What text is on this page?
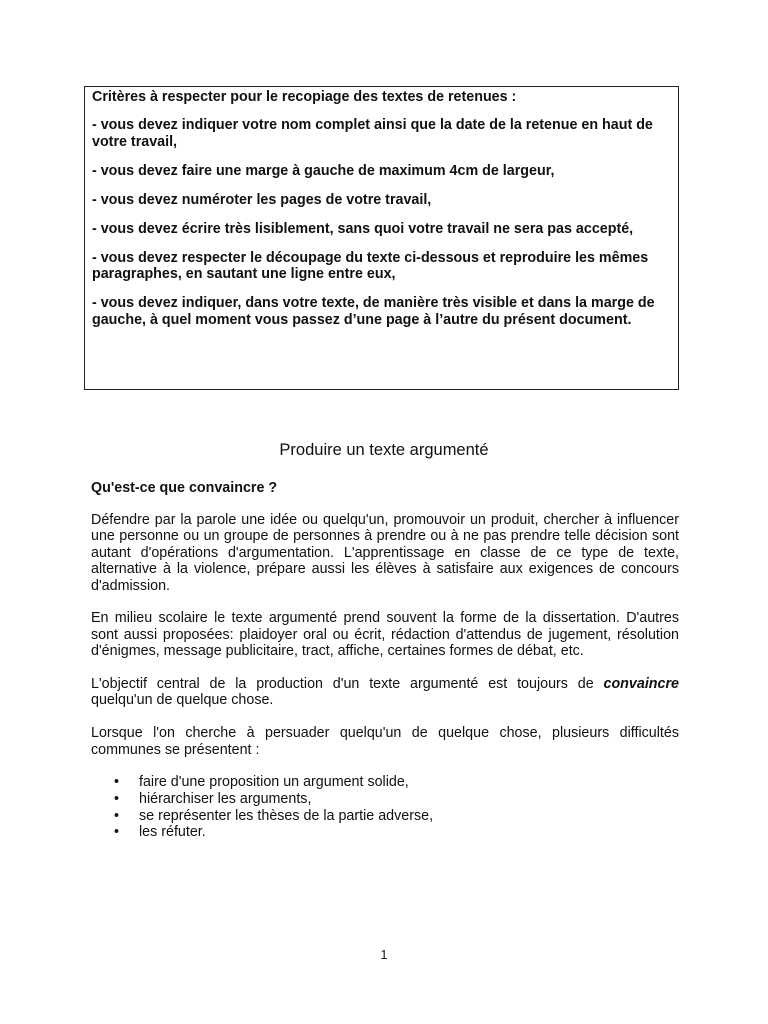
Critères à respecter pour le recopiage des textes de retenues :

- vous devez indiquer votre nom complet ainsi que la date de la retenue en haut de votre travail,

- vous devez faire une marge à gauche de maximum 4cm de largeur,

- vous devez numéroter les pages de votre travail,

- vous devez écrire très lisiblement, sans quoi votre travail ne sera pas accepté,

- vous devez respecter le découpage du texte ci-dessous et reproduire les mêmes paragraphes, en sautant une ligne entre eux,

- vous devez indiquer, dans votre texte, de manière très visible et dans la marge de gauche, à quel moment vous passez d’une page à l’autre du présent document.

Produire un texte argumenté
Qu'est-ce que convaincre ?

Défendre par la parole une idée ou quelqu'un, promouvoir un produit, chercher à influencer une personne ou un groupe de personnes à prendre ou à ne pas prendre telle décision sont autant d'opérations d'argumentation. L'apprentissage en classe de ce type de texte, alternative à la violence, prépare aussi les élèves à satisfaire aux exigences de concours d'admission.

En milieu scolaire le texte argumenté prend souvent la forme de la dissertation. D'autres sont aussi proposées: plaidoyer oral ou écrit, rédaction d'attendus de jugement, résolution d'énigmes, message publicitaire, tract, affiche, certaines formes de débat, etc.

L'objectif central de la production d'un texte argumenté est toujours de convaincre quelqu'un de quelque chose.

Lorsque l'on cherche à persuader quelqu'un de quelque chose, plusieurs difficultés communes se présentent :

• faire d'une proposition un argument solide,
• hiérarchiser les arguments,
• se représenter les thèses de la partie adverse,
• les réfuter.
1
